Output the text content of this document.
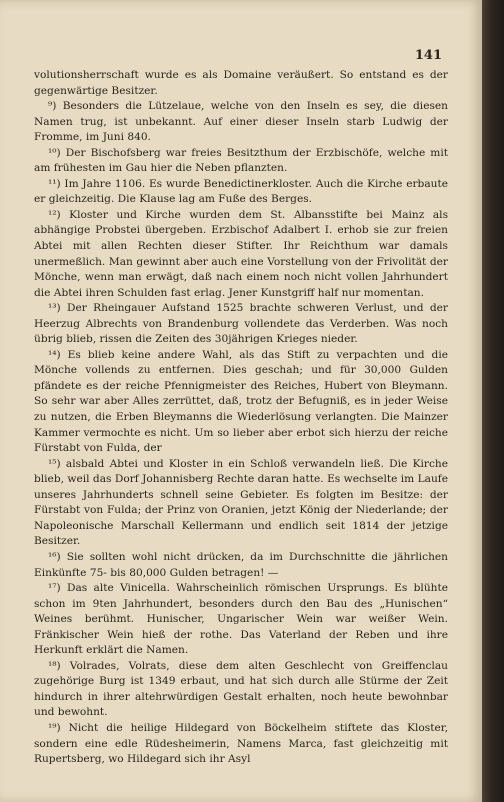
141

volutionsherrschaft wurde es als Domaine veräußert. So entstand es der gegenwärtige Besitzer.

⁹) Besonders die Lützelaue, welche von den Inseln es sey, die diesen Namen trug, ist unbekannt. Auf einer dieser Inseln starb Ludwig der Fromme, im Juni 840.

¹⁰) Der Bischofsberg war freies Besitzthum der Erzbischöfe, welche mit am frühesten im Gau hier die Neben pflanzten.

¹¹) Im Jahre 1106. Es wurde Benedictinerkloster. Auch die Kirche erbaute er gleichzeitig. Die Klause lag am Fuße des Berges.

¹²) Kloster und Kirche wurden dem St. Albansstifte bei Mainz als abhängige Probstei übergeben. Erzbischof Adalbert I. erhob sie zur freien Abtei mit allen Rechten dieser Stifter. Ihr Reichthum war damals unermeßlich. Man gewinnt aber auch eine Vorstellung von der Frivolität der Mönche, wenn man erwägt, daß nach einem noch nicht vollen Jahrhundert die Abtei ihren Schulden fast erlag. Jener Kunstgriff half nur momentan.

¹³) Der Rheingauer Aufstand 1525 brachte schweren Verlust, und der Heerzug Albrechts von Brandenburg vollendete das Verderben. Was noch übrig blieb, rissen die Zeiten des 30jährigen Krieges nieder.

¹⁴) Es blieb keine andere Wahl, als das Stift zu verpachten und die Mönche vollends zu entfernen. Dies geschah; und für 30,000 Gulden pfändete es der reiche Pfennigmeister des Reiches, Hubert von Bleymann. So sehr war aber Alles zerrüttet, daß, trotz der Befugniß, es in jeder Weise zu nutzen, die Erben Bleymanns die Wiederlösung verlangten. Die Mainzer Kammer vermochte es nicht. Um so lieber aber erbot sich hierzu der reiche Fürstabt von Fulda, der

¹⁵) alsbald Abtei und Kloster in ein Schloß verwandeln ließ. Die Kirche blieb, weil das Dorf Johannisberg Rechte daran hatte. Es wechselte im Laufe unseres Jahrhunderts schnell seine Gebieter. Es folgten im Besitze: der Fürstabt von Fulda; der Prinz von Oranien, jetzt König der Niederlande; der Napoleonische Marschall Kellermann und endlich seit 1814 der jetzige Besitzer.

¹⁶) Sie sollten wohl nicht drücken, da im Durchschnitte die jährlichen Einkünfte 75- bis 80,000 Gulden betragen! —

¹⁷) Das alte Vinicella. Wahrscheinlich römischen Ursprungs. Es blühte schon im 9ten Jahrhundert, besonders durch den Bau des „Hunischen“ Weines berühmt. Hunischer, Ungarischer Wein war weißer Wein. Fränkischer Wein hieß der rothe. Das Vaterland der Reben und ihre Herkunft erklärt die Namen.

¹⁸) Volrades, Volrats, diese dem alten Geschlecht von Greiffenclau zugehörige Burg ist 1349 erbaut, und hat sich durch alle Stürme der Zeit hindurch in ihrer altehrwürdigen Gestalt erhalten, noch heute bewohnbar und bewohnt.

¹⁹) Nicht die heilige Hildegard von Böckelheim stiftete das Kloster, sondern eine edle Rüdesheimerin, Namens Marca, fast gleichzeitig mit Rupertsberg, wo Hildegard sich ihr Asyl
